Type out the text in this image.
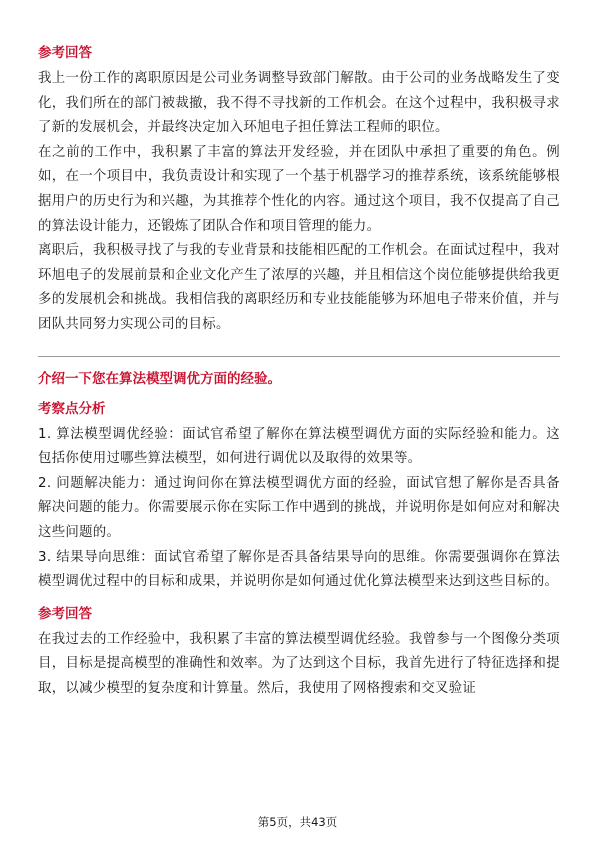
参考回答

我上一份工作的离职原因是公司业务调整导致部门解散。由于公司的业务战略发生了变化，我们所在的部门被裁撤，我不得不寻找新的工作机会。在这个过程中，我积极寻求了新的发展机会，并最终决定加入环旭电子担任算法工程师的职位。

在之前的工作中，我积累了丰富的算法开发经验，并在团队中承担了重要的角色。例如，在一个项目中，我负责设计和实现了一个基于机器学习的推荐系统，该系统能够根据用户的历史行为和兴趣，为其推荐个性化的内容。通过这个项目，我不仅提高了自己的算法设计能力，还锻炼了团队合作和项目管理的能力。

离职后，我积极寻找了与我的专业背景和技能相匹配的工作机会。在面试过程中，我对环旭电子的发展前景和企业文化产生了浓厚的兴趣，并且相信这个岗位能够提供给我更多的发展机会和挑战。我相信我的离职经历和专业技能能够为环旭电子带来价值，并与团队共同努力实现公司的目标。

介绍一下您在算法模型调优方面的经验。
考察点分析

1. 算法模型调优经验：面试官希望了解你在算法模型调优方面的实际经验和能力。这包括你使用过哪些算法模型，如何进行调优以及取得的效果等。

2. 问题解决能力：通过询问你在算法模型调优方面的经验，面试官想了解你是否具备解决问题的能力。你需要展示你在实际工作中遇到的挑战，并说明你是如何应对和解决这些问题的。

3. 结果导向思维：面试官希望了解你是否具备结果导向的思维。你需要强调你在算法模型调优过程中的目标和成果，并说明你是如何通过优化算法模型来达到这些目标的。

参考回答

在我过去的工作经验中，我积累了丰富的算法模型调优经验。我曾参与一个图像分类项目，目标是提高模型的准确性和效率。为了达到这个目标，我首先进行了特征选择和提取，以减少模型的复杂度和计算量。然后，我使用了网格搜索和交叉验证

第5页，共43页
